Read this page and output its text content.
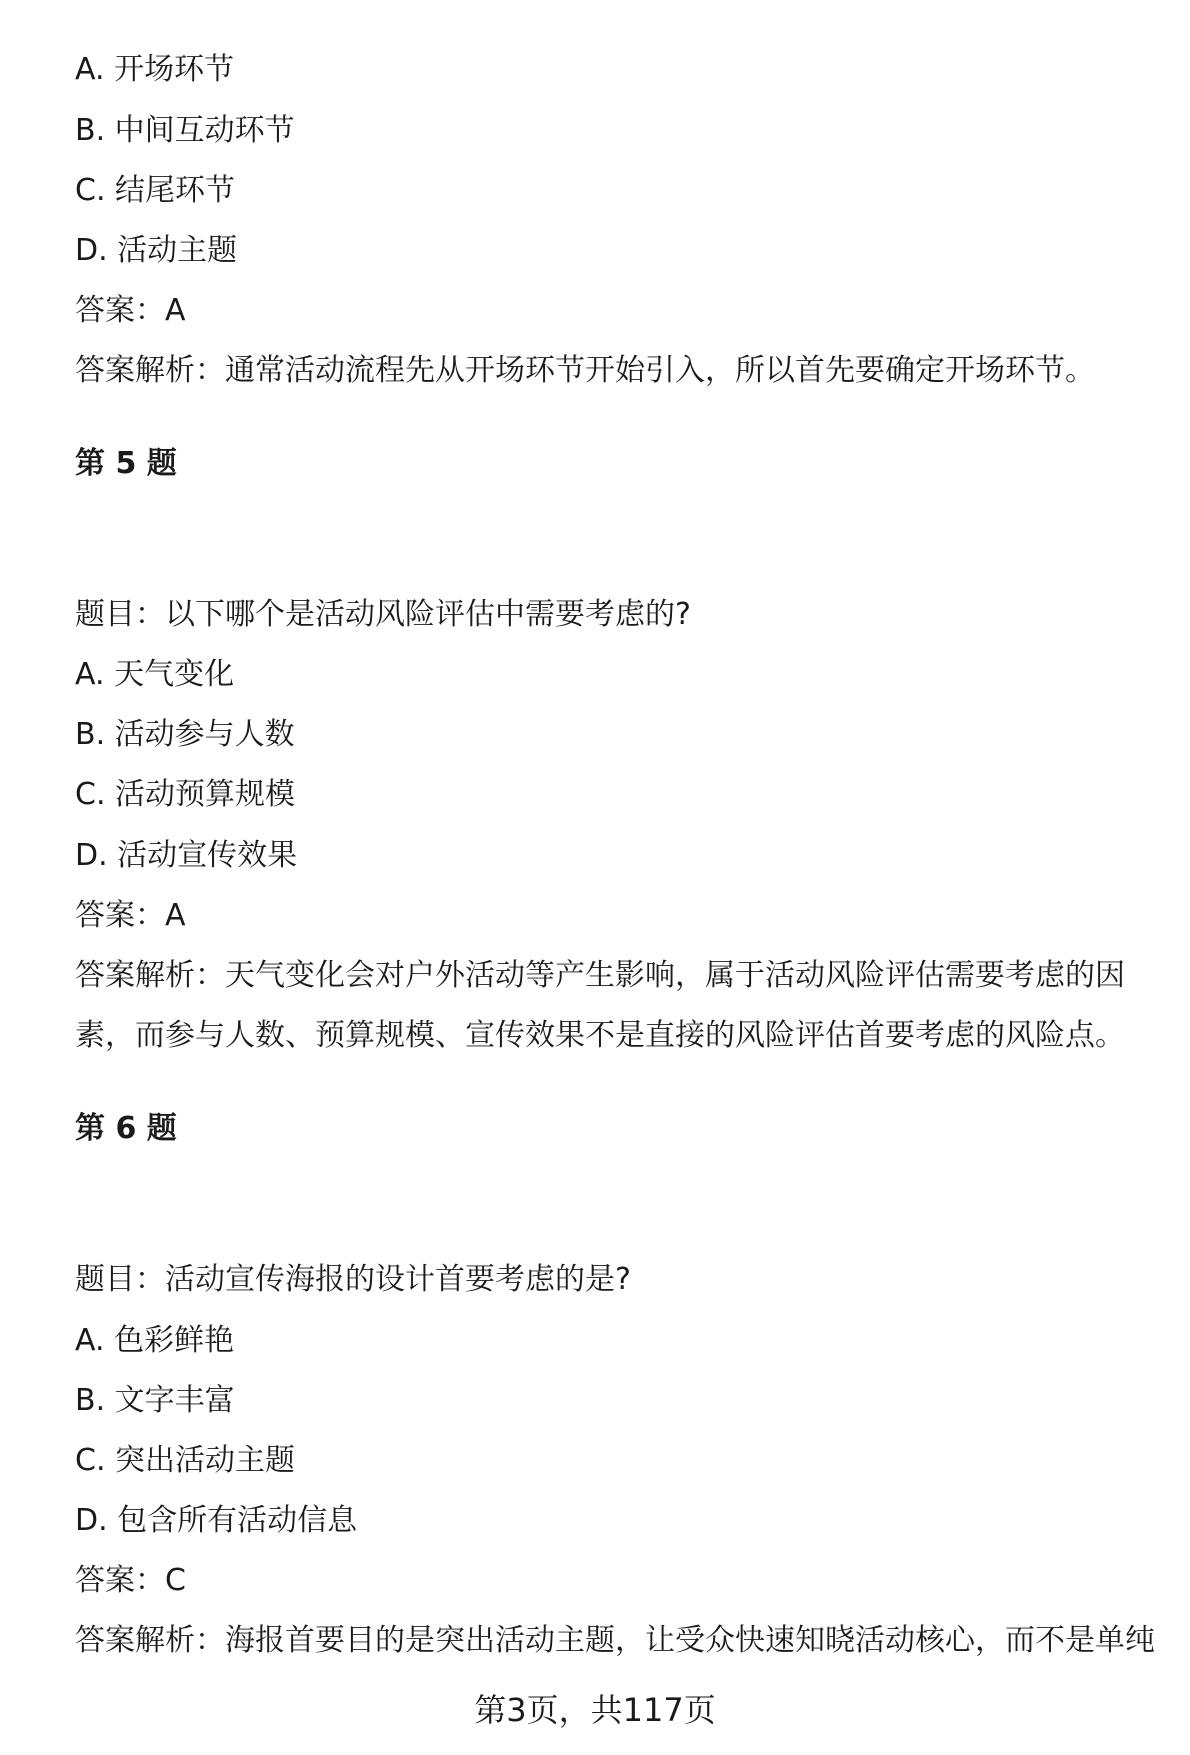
A. 开场环节
B. 中间互动环节
C. 结尾环节
D. 活动主题
答案：A
答案解析：通常活动流程先从开场环节开始引入，所以首先要确定开场环节。
第 5 题
题目：以下哪个是活动风险评估中需要考虑的?
A. 天气变化
B. 活动参与人数
C. 活动预算规模
D. 活动宣传效果
答案：A
答案解析：天气变化会对户外活动等产生影响，属于活动风险评估需要考虑的因
素，而参与人数、预算规模、宣传效果不是直接的风险评估首要考虑的风险点。
第 6 题
题目：活动宣传海报的设计首要考虑的是?
A. 色彩鲜艳
B. 文字丰富
C. 突出活动主题
D. 包含所有活动信息
答案：C
答案解析：海报首要目的是突出活动主题，让受众快速知晓活动核心，而不是单纯
第3页，共117页
